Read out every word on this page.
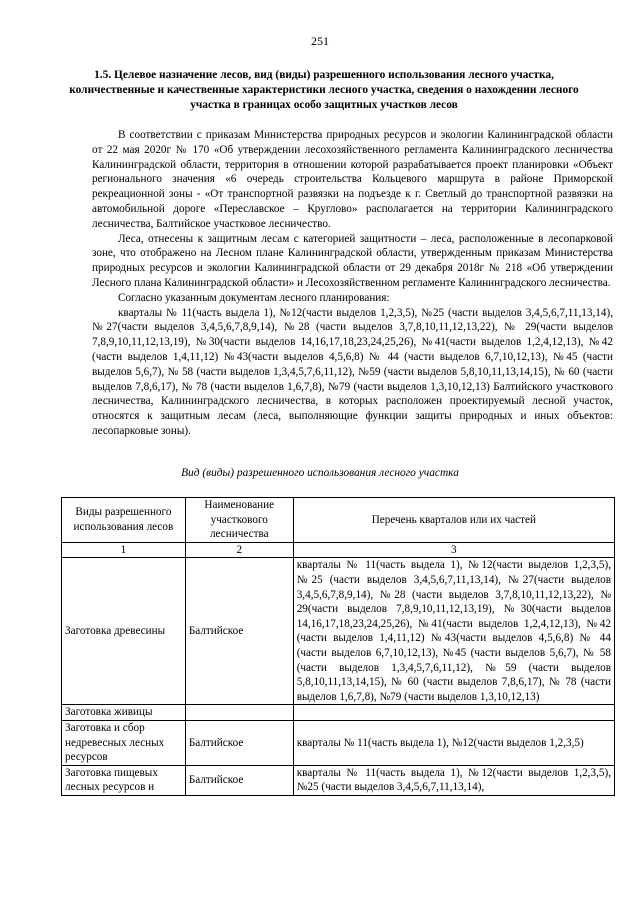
251
1.5. Целевое назначение лесов, вид (виды) разрешенного использования лесного участка, количественные и качественные характеристики лесного участка, сведения о нахождении лесного участка в границах особо защитных участков лесов

В соответствии с приказам Министерства природных ресурсов и экологии Калининградской области от 22 мая 2020г № 170 «Об утверждении лесохозяйственного регламента Калининградского лесничества Калининградской области, территория в отношении которой разрабатывается проект планировки «Объект регионального значения «6 очередь строительства Кольцевого маршрута в районе Приморской рекреационной зоны - «От транспортной развязки на подъезде к г. Светлый до транспортной развязки на автомобильной дороге «Переславское – Круглово» располагается на территории Калининградского лесничества, Балтийское участковое лесничество.

Леса, отнесены к защитным лесам с категорией защитности – леса, расположенные в лесопарковой зоне, что отображено на Лесном плане Калининградской области, утвержденным приказам Министерства природных ресурсов и экологии Калининградской области от 29 декабря 2018г № 218 «Об утверждении Лесного плана Калининградской области» и Лесохозяйственном регламенте Калининградского лесничества.

Согласно указанным документам лесного планирования:

кварталы № 11(часть выдела 1), №12(части выделов 1,2,3,5), №25 (части выделов 3,4,5,6,7,11,13,14), №27(части выделов 3,4,5,6,7,8,9,14), №28 (части выделов 3,7,8,10,11,12,13,22), № 29(части выделов 7,8,9,10,11,12,13,19), №30(части выделов 14,16,17,18,23,24,25,26), №41(части выделов 1,2,4,12,13), №42 (части выделов 1,4,11,12) №43(части выделов 4,5,6,8) № 44 (части выделов 6,7,10,12,13), №45 (части выделов 5,6,7), № 58 (части выделов 1,3,4,5,7,6,11,12), №59 (части выделов 5,8,10,11,13,14,15), № 60 (части выделов 7,8,6,17), № 78 (части выделов 1,6,7,8), №79 (части выделов 1,3,10,12,13) Балтийского участкового лесничества, Калининградского лесничества, в которых расположен проектируемый лесной участок, относятся к защитным лесам (леса, выполняющие функции защиты природных и иных объектов: лесопарковые зоны).

Вид (виды) разрешенного использования лесного участка
Виды разрешенного использования лесов	Наименование участкового лесничества	Перечень кварталов или их частей
1	2	3
Заготовка древесины	Балтийское	кварталы № 11(часть выдела 1), №12(части выделов 1,2,3,5), №25 (части выделов 3,4,5,6,7,11,13,14), №27(части выделов 3,4,5,6,7,8,9,14), №28 (части выделов 3,7,8,10,11,12,13,22), № 29(части выделов 7,8,9,10,11,12,13,19), №30(части выделов 14,16,17,18,23,24,25,26), №41(части выделов 1,2,4,12,13), №42 (части выделов 1,4,11,12) №43(части выделов 4,5,6,8) № 44 (части выделов 6,7,10,12,13), №45 (части выделов 5,6,7), № 58 (части выделов 1,3,4,5,7,6,11,12), №59 (части выделов 5,8,10,11,13,14,15), № 60 (части выделов 7,8,6,17), № 78 (части выделов 1,6,7,8), №79 (части выделов 1,3,10,12,13)
Заготовка живицы		
Заготовка и сбор недревесных лесных ресурсов	Балтийское	кварталы № 11(часть выдела 1), №12(части выделов 1,2,3,5)
Заготовка пищевых лесных ресурсов и	Балтийское	кварталы № 11(часть выдела 1), №12(части выделов 1,2,3,5), №25 (части выделов 3,4,5,6,7,11,13,14),
